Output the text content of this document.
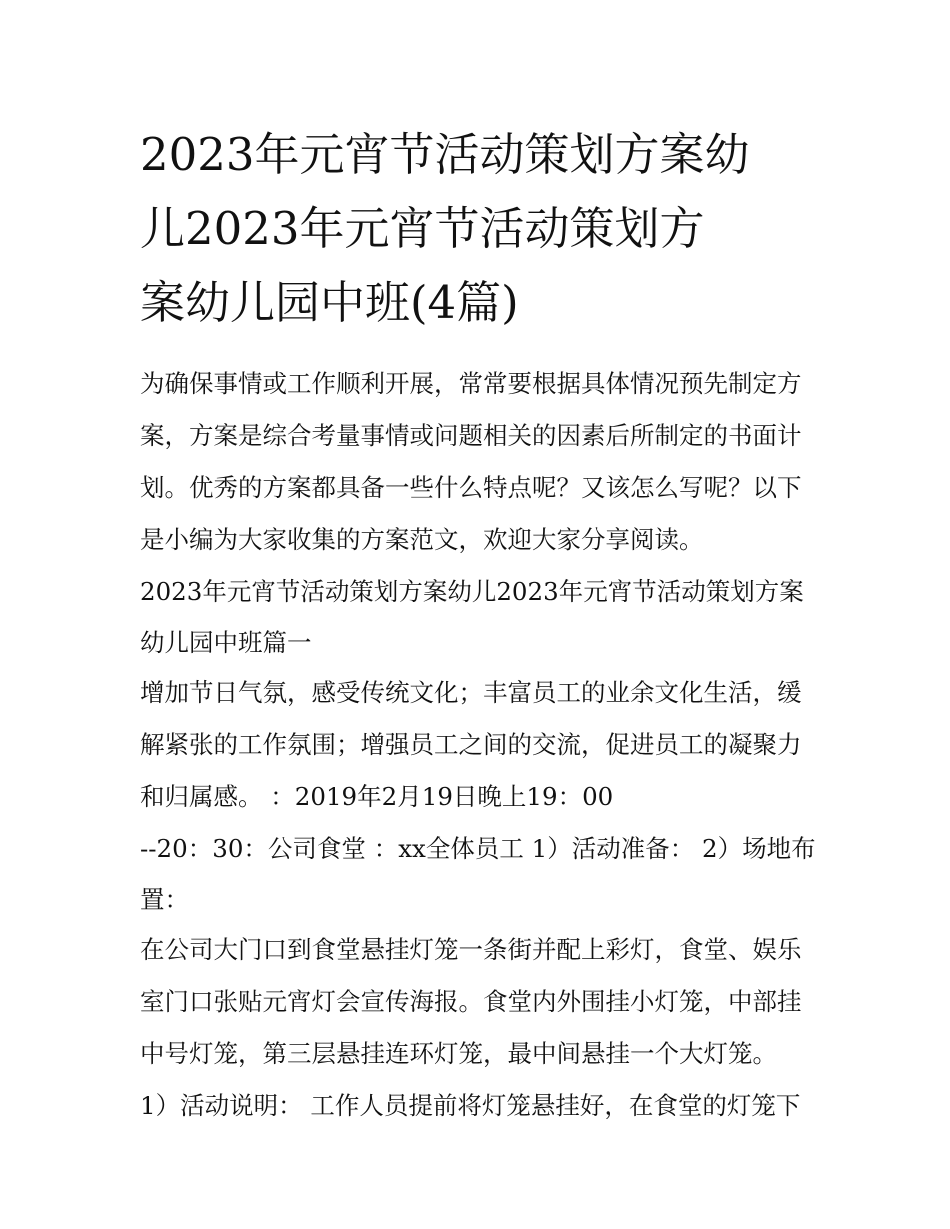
2023年元宵节活动策划方案幼
儿2023年元宵节活动策划方
案幼儿园中班(4篇)
为确保事情或工作顺利开展，常常要根据具体情况预先制定方
案，方案是综合考量事情或问题相关的因素后所制定的书面计
划。优秀的方案都具备一些什么特点呢？又该怎么写呢？以下
是小编为大家收集的方案范文，欢迎大家分享阅读。
2023年元宵节活动策划方案幼儿2023年元宵节活动策划方案
幼儿园中班篇一
增加节日气氛，感受传统文化；丰富员工的业余文化生活，缓
解紧张的工作氛围；增强员工之间的交流，促进员工的凝聚力
和归属感。 ：2019年2月19日晚上19：00
--20：30：公司食堂 ：xx全体员工 1）活动准备： 2）场地布
置：
在公司大门口到食堂悬挂灯笼一条街并配上彩灯，食堂、娱乐
室门口张贴元宵灯会宣传海报。食堂内外围挂小灯笼，中部挂
中号灯笼，第三层悬挂连环灯笼，最中间悬挂一个大灯笼。
1）活动说明： 工作人员提前将灯笼悬挂好，在食堂的灯笼下
